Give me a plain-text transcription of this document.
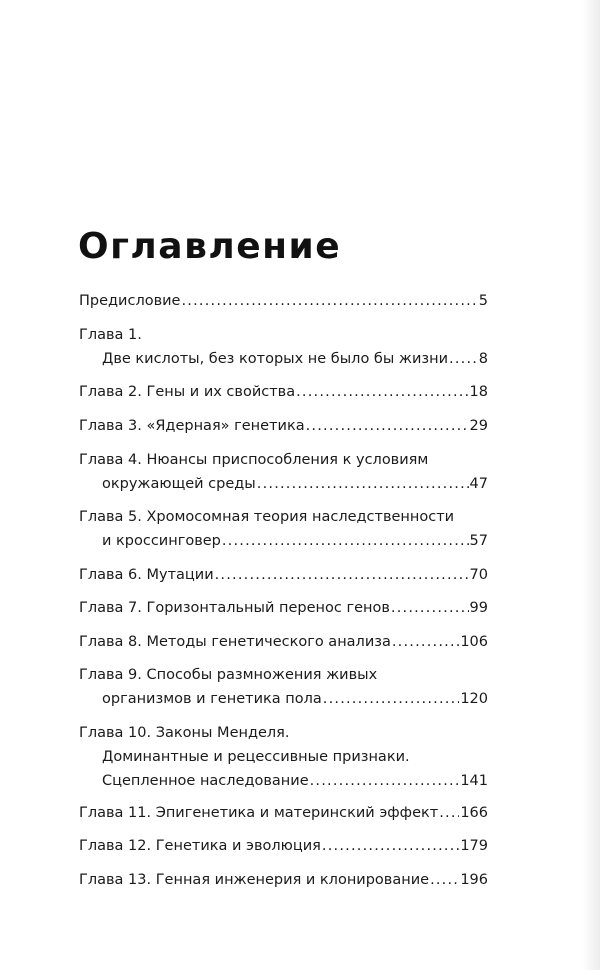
Оглавление
Предисловие .....	5
Глава 1.
Две кислоты, без которых не было бы жизни ..... 8
Глава 2. Гены и их свойства .....	18
Глава 3. «Ядерная» генетика .....	29
Глава 4. Нюансы приспособления к условиям
окружающей среды .....	47
Глава 5. Хромосомная теория наследственности
и кроссинговер .....	57
Глава 6. Мутации .....	70
Глава 7. Горизонтальный перенос генов .....	99
Глава 8. Методы генетического анализа .....	106
Глава 9. Способы размножения живых
организмов и генетика пола .....	120
Глава 10. Законы Менделя.
Доминантные и рецессивные признаки.
Сцепленное наследование .....	141
Глава 11. Эпигенетика и материнский эффект ..... 166
Глава 12. Генетика и эволюция .....	179
Глава 13. Генная инженерия и клонирование ..... 196
